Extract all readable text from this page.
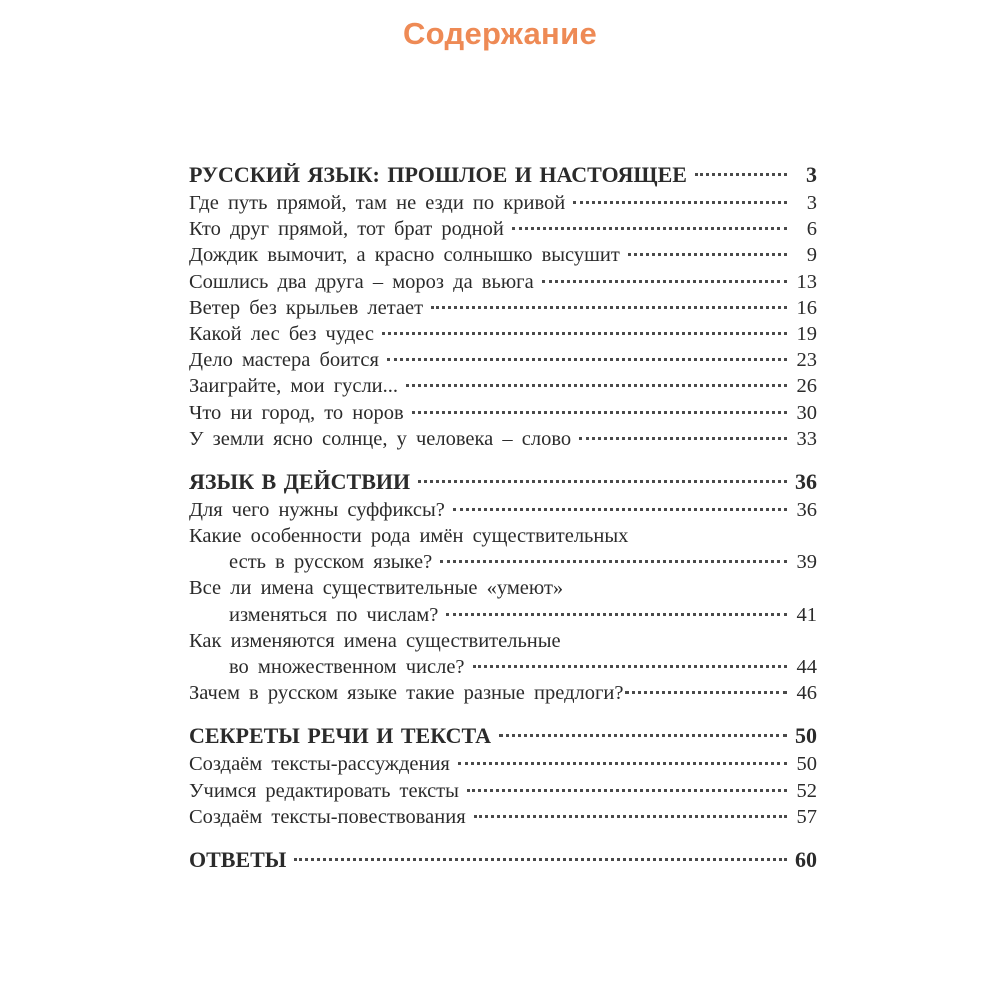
Содержание
РУССКИЙ ЯЗЫК: ПРОШЛОЕ И НАСТОЯЩЕЕ	3
Где путь прямой, там не езди по кривой	3
Кто друг прямой, тот брат родной	6
Дождик вымочит, а красно солнышко высушит	9
Сошлись два друга – мороз да вьюга	13
Ветер без крыльев летает	16
Какой лес без чудес	19
Дело мастера боится	23
Заиграйте, мои гусли...	26
Что ни город, то норов	30
У земли ясно солнце, у человека – слово	33
ЯЗЫК В ДЕЙСТВИИ	36
Для чего нужны суффиксы?	36
Какие особенности рода имён существительных
есть в русском языке?	39
Все ли имена существительные «умеют»
изменяться по числам?	41
Как изменяются имена существительные
во множественном числе?	44
Зачем в русском языке такие разные предлоги?	46
СЕКРЕТЫ РЕЧИ И ТЕКСТА	50
Создаём тексты-рассуждения	50
Учимся редактировать тексты	52
Создаём тексты-повествования	57
ОТВЕТЫ	60
